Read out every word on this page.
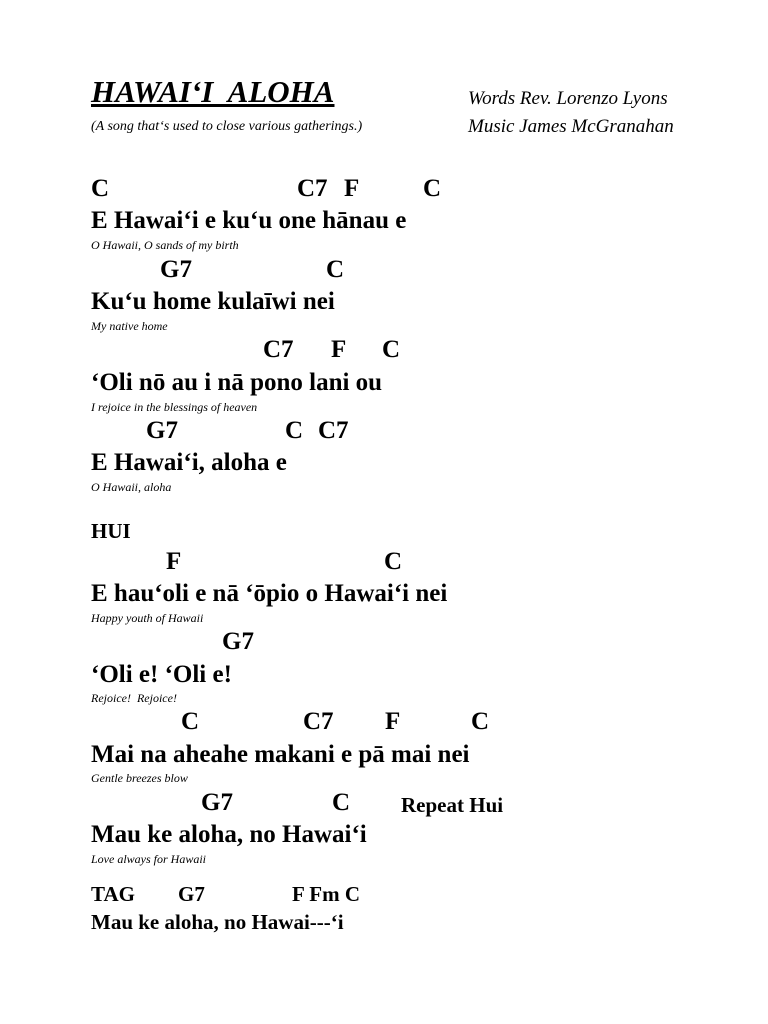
HAWAI‘I  ALOHA
(A song that‘s used to close various gatherings.)
Words Rev. Lorenzo Lyons
Music James McGranahan
C	C7 F	C
E Hawai‘i e ku‘u one hānau e
O Hawaii, O sands of my birth
G7	C
Ku‘u home kulaīwi nei
My native home
C7 F C
‘Oli nō au i nā pono lani ou
I rejoice in the blessings of heaven
G7	C C7
E Hawai‘i, aloha e
O Hawaii, aloha
HUI
F	C
E hau‘oli e nā ‘ōpio o Hawai‘i nei
Happy youth of Hawaii
G7
‘Oli e! ‘Oli e!
Rejoice!  Rejoice!
C	C7 F	C
Mai na aheahe makani e pā mai nei
Gentle breezes blow
G7	C Repeat Hui
Mau ke aloha, no Hawai‘i
Love always for Hawaii
TAG G7	F Fm C
Mau ke aloha, no Hawai---‘i
